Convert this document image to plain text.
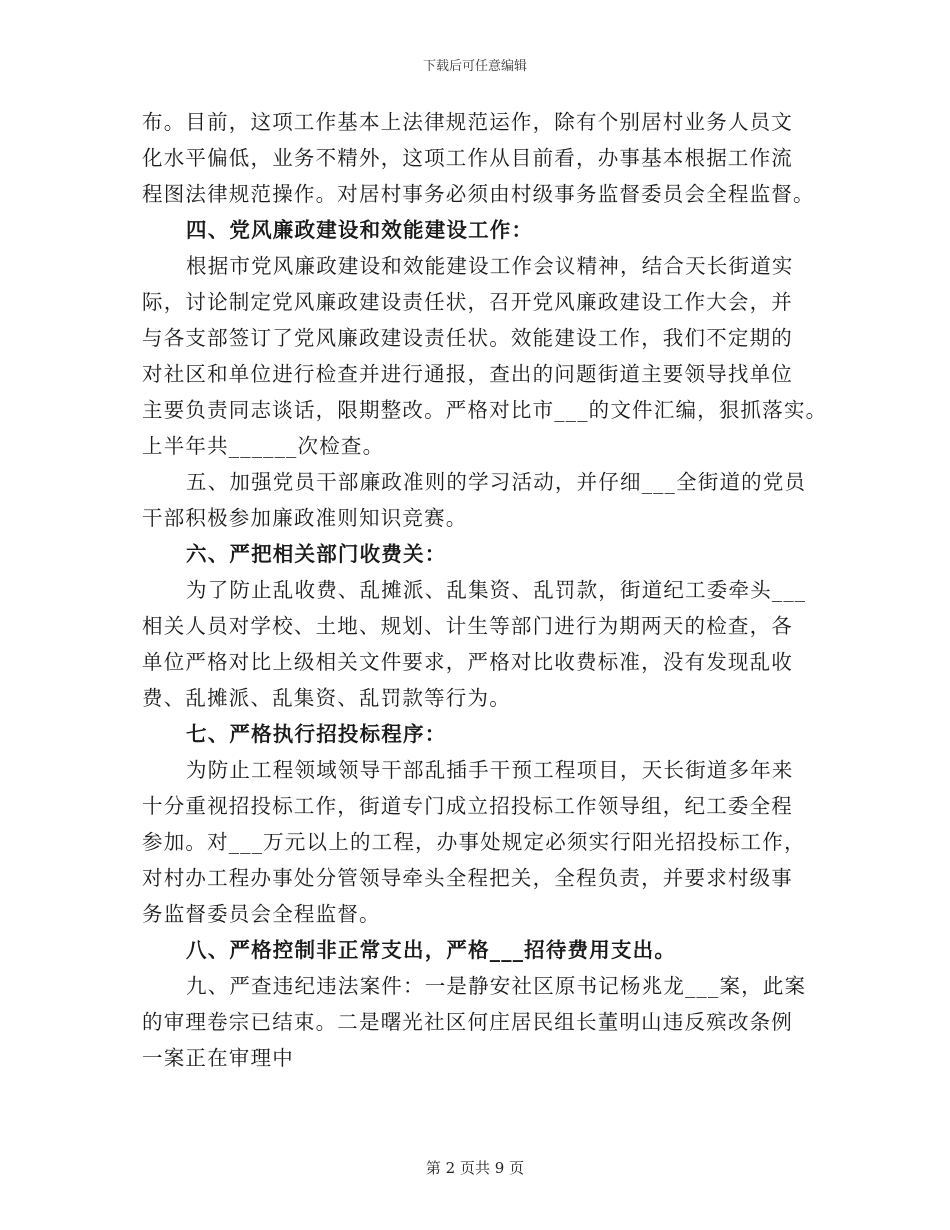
下载后可任意编辑
布。目前，这项工作基本上法律规范运作，除有个别居村业务人员文
化水平偏低，业务不精外，这项工作从目前看，办事基本根据工作流
程图法律规范操作。对居村事务必须由村级事务监督委员会全程监督。
四、党风廉政建设和效能建设工作：
根据市党风廉政建设和效能建设工作会议精神，结合天长街道实
际，讨论制定党风廉政建设责任状，召开党风廉政建设工作大会，并
与各支部签订了党风廉政建设责任状。效能建设工作，我们不定期的
对社区和单位进行检查并进行通报，查出的问题街道主要领导找单位
主要负责同志谈话，限期整改。严格对比市___的文件汇编，狠抓落实。
上半年共______次检查。
五、加强党员干部廉政准则的学习活动，并仔细___全街道的党员
干部积极参加廉政准则知识竞赛。
六、严把相关部门收费关：
为了防止乱收费、乱摊派、乱集资、乱罚款，街道纪工委牵头___
相关人员对学校、土地、规划、计生等部门进行为期两天的检查，各
单位严格对比上级相关文件要求，严格对比收费标准，没有发现乱收
费、乱摊派、乱集资、乱罚款等行为。
七、严格执行招投标程序：
为防止工程领域领导干部乱插手干预工程项目，天长街道多年来
十分重视招投标工作，街道专门成立招投标工作领导组，纪工委全程
参加。对___万元以上的工程，办事处规定必须实行阳光招投标工作，
对村办工程办事处分管领导牵头全程把关，全程负责，并要求村级事
务监督委员会全程监督。
八、严格控制非正常支出，严格___招待费用支出。
九、严查违纪违法案件：一是静安社区原书记杨兆龙___案，此案
的审理卷宗已结束。二是曙光社区何庄居民组长董明山违反殡改条例
一案正在审理中
第 2 页共 9 页
